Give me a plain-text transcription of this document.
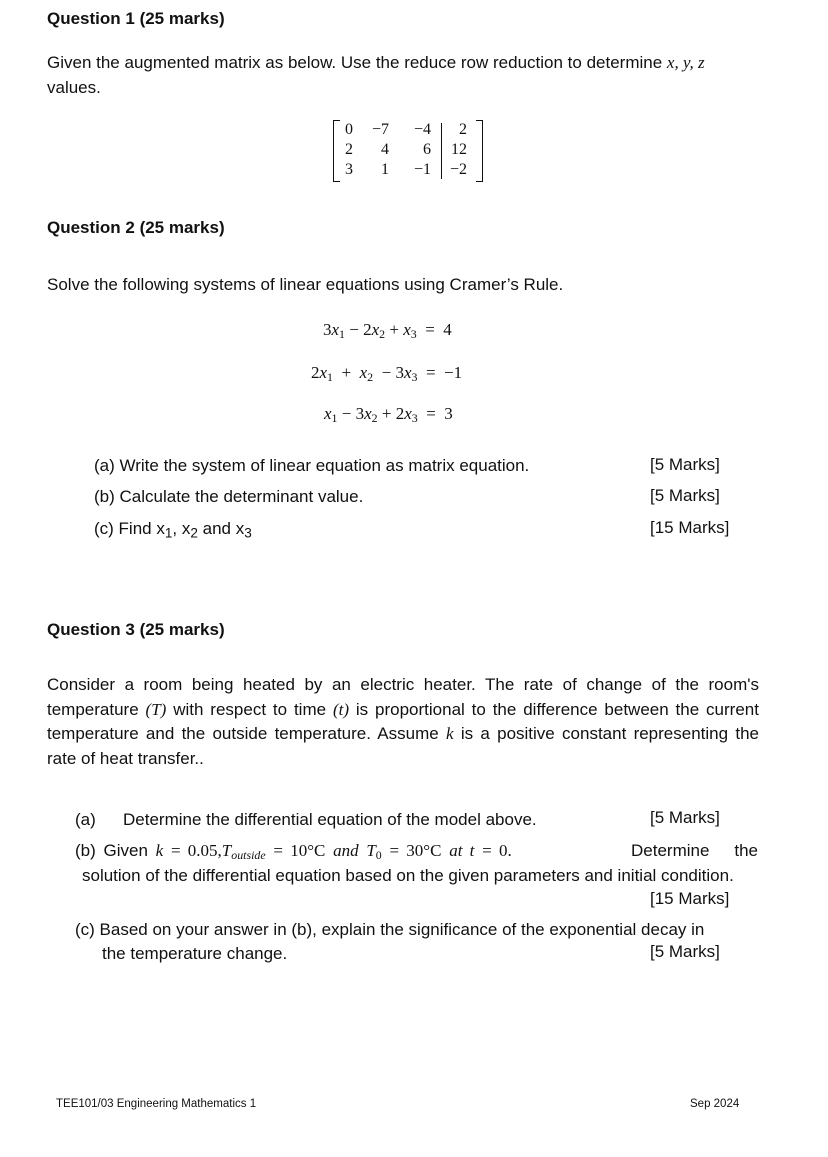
Question 1 (25 marks)
Given the augmented matrix as below. Use the reduce row reduction to determine x, y, z
values.
0	−7	−4	2
2	4	6	12
3	1	−1	−2
Question 2 (25 marks)
Solve the following systems of linear equations using Cramer’s Rule.
$3x_1 - 2x_2 + x_3 = 4$
$2x_1 + x_2 - 3x_3 = -1$
$x_1 - 3x_2 + 2x_3 = 3$
(a) Write the system of linear equation as matrix equation.	[5 Marks]
(b) Calculate the determinant value.	[5 Marks]
(c) Find $x_1$, $x_2$ and $x_3$	[15 Marks]
Question 3 (25 marks)
Consider a room being heated by an electric heater. The rate of change of the room's temperature (T) with respect to time (t) is proportional to the difference between the current temperature and the outside temperature. Assume k is a positive constant representing the rate of heat transfer..
(a) Determine the differential equation of the model above.	[5 Marks]
(b) Given $k = 0.05,T_{outside} = 10^\circ C$ and $T_0 = 30^\circ C$ at t = 0.	Determine the solution of the differential equation based on the given parameters and initial condition.
[15 Marks]
(c) Based on your answer in (b), explain the significance of the exponential decay in
the temperature change.	[5 Marks]
TEE101/03 Engineering Mathematics 1	Sep 2024
